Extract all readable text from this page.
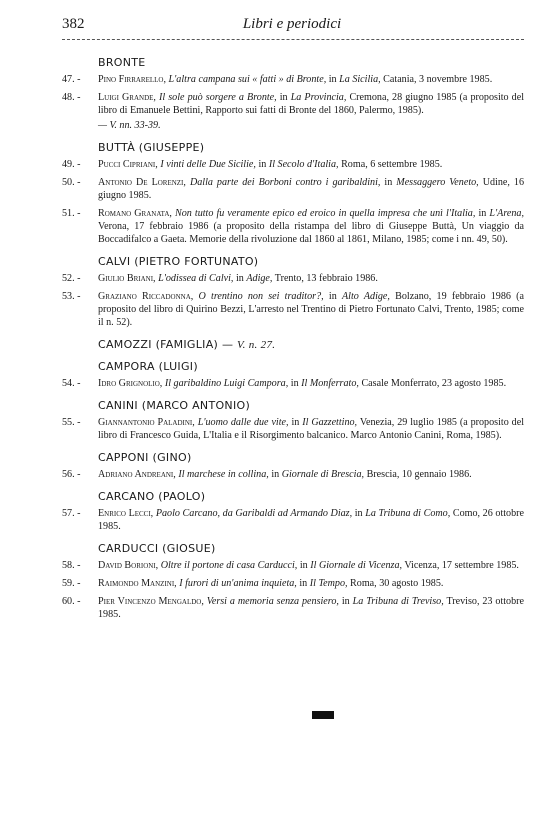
382	Libri e periodici
BRONTE
47. -	Pino Firrarello, L'altra campana sui « fatti » di Bronte, in La Sicilia, Catania, 3 novembre 1985.
48. -	Luigi Grande, Il sole può sorgere a Bronte, in La Provincia, Cremona, 28 giugno 1985 (a proposito del libro di Emanuele Bettini, Rapporto sui fatti di Bronte del 1860, Palermo, 1985).
— V. nn. 33-39.
BUTTÀ (GIUSEPPE)
49. -	Pucci Cipriani, I vinti delle Due Sicilie, in Il Secolo d'Italia, Roma, 6 settembre 1985.
50. -	Antonio De Lorenzi, Dalla parte dei Borboni contro i garibaldini, in Messaggero Veneto, Udine, 16 giugno 1985.
51. -	Romano Granata, Non tutto fu veramente epico ed eroico in quella impresa che unì l'Italia, in L'Arena, Verona, 17 febbraio 1986 (a proposito della ristampa del libro di Giuseppe Buttà, Un viaggio da Boccadifalco a Gaeta. Memorie della rivoluzione dal 1860 al 1861, Milano, 1985; come i nn. 49, 50).
CALVI (PIETRO FORTUNATO)
52. -	Giulio Briani, L'odissea di Calvi, in Adige, Trento, 13 febbraio 1986.
53. -	Graziano Riccadonna, O trentino non sei traditor?, in Alto Adige, Bolzano, 19 febbraio 1986 (a proposito del libro di Quirino Bezzi, L'arresto nel Trentino di Pietro Fortunato Calvi, Trento, 1985; come il n. 52).
CAMOZZI (FAMIGLIA) — V. n. 27.
CAMPORA (LUIGI)
54. -	Idro Grignolio, Il garibaldino Luigi Campora, in Il Monferrato, Casale Monferrato, 23 agosto 1985.
CANINI (MARCO ANTONIO)
55. -	Giannantonio Paladini, L'uomo dalle due vite, in Il Gazzettino, Venezia, 29 luglio 1985 (a proposito del libro di Francesco Guida, L'Italia e il Risorgimento balcanico. Marco Antonio Canini, Roma, 1985).
CAPPONI (GINO)
56. -	Adriano Andreani, Il marchese in collina, in Giornale di Brescia, Brescia, 10 gennaio 1986.
CARCANO (PAOLO)
57. -	Enrico Lecci, Paolo Carcano, da Garibaldi ad Armando Diaz, in La Tribuna di Como, Como, 26 ottobre 1985.
CARDUCCI (GIOSUE)
58. -	David Borioni, Oltre il portone di casa Carducci, in Il Giornale di Vicenza, Vicenza, 17 settembre 1985.
59. -	Raimondo Manzini, I furori di un'anima inquieta, in Il Tempo, Roma, 30 agosto 1985.
60. -	Pier Vincenzo Mengaldo, Versi a memoria senza pensiero, in La Tribuna di Treviso, Treviso, 23 ottobre 1985.
